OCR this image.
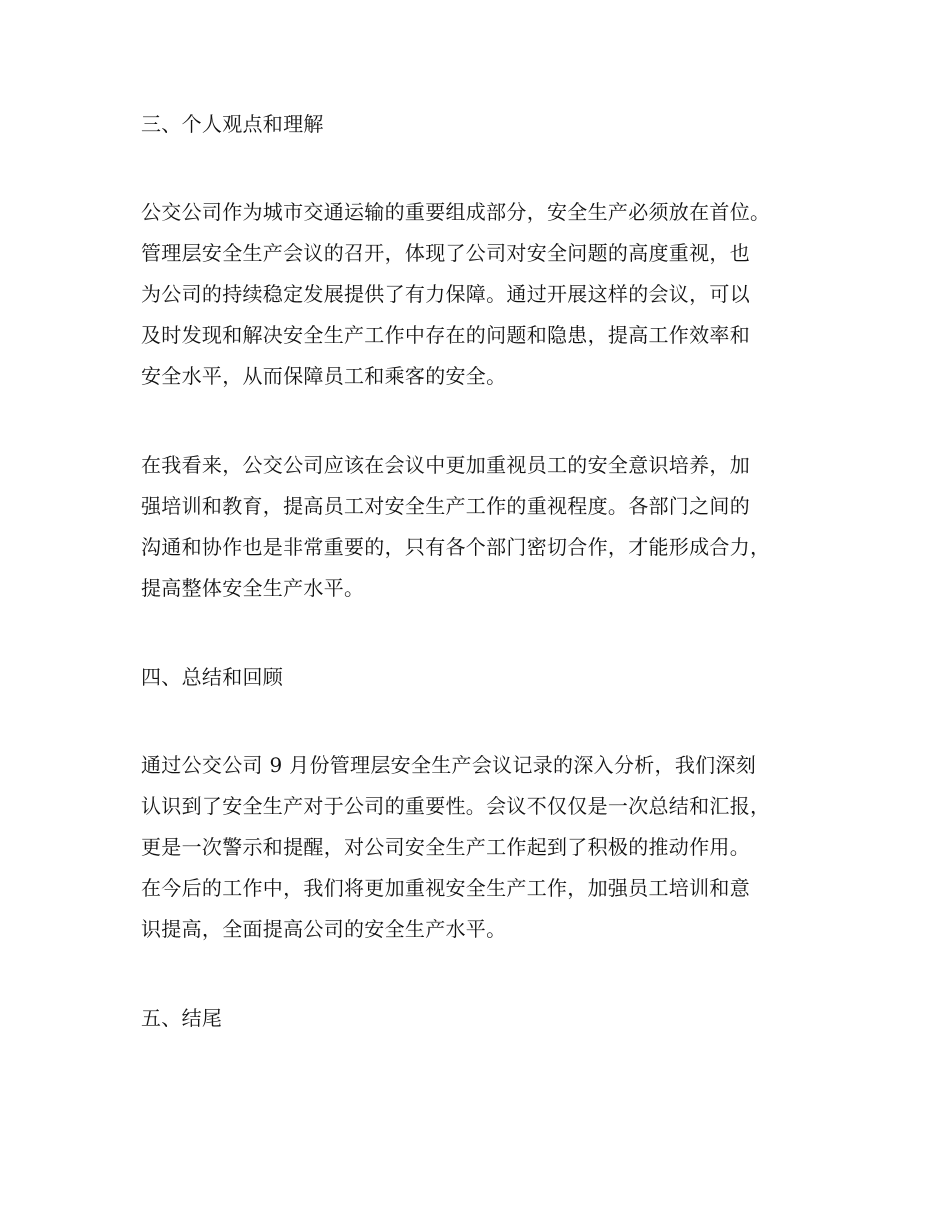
三、个人观点和理解
公交公司作为城市交通运输的重要组成部分，安全生产必须放在首位。
管理层安全生产会议的召开，体现了公司对安全问题的高度重视，也
为公司的持续稳定发展提供了有力保障。通过开展这样的会议，可以
及时发现和解决安全生产工作中存在的问题和隐患，提高工作效率和
安全水平，从而保障员工和乘客的安全。
在我看来，公交公司应该在会议中更加重视员工的安全意识培养，加
强培训和教育，提高员工对安全生产工作的重视程度。各部门之间的
沟通和协作也是非常重要的，只有各个部门密切合作，才能形成合力，
提高整体安全生产水平。
四、总结和回顾
通过公交公司 9 月份管理层安全生产会议记录的深入分析，我们深刻
认识到了安全生产对于公司的重要性。会议不仅仅是一次总结和汇报，
更是一次警示和提醒，对公司安全生产工作起到了积极的推动作用。
在今后的工作中，我们将更加重视安全生产工作，加强员工培训和意
识提高，全面提高公司的安全生产水平。
五、结尾
